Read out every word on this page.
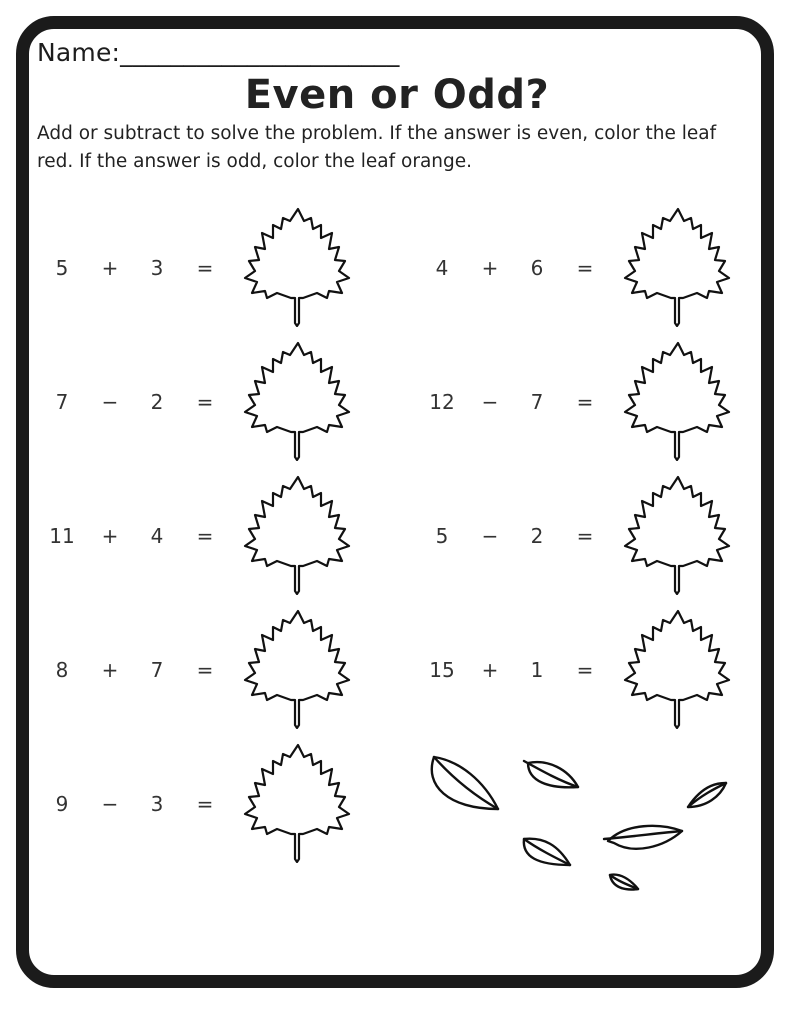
Name:______________________
Even or Odd?
Add or subtract to solve the problem. If the answer is even, color the leaf red. If the answer is odd, color the leaf orange.
5	+	3	=	4	+	6	=
7	−	2	=	12	−	7	=
11	+	4	=	5	−	2	=
8	+	7	=	15	+	1	=
9	−	3	=
